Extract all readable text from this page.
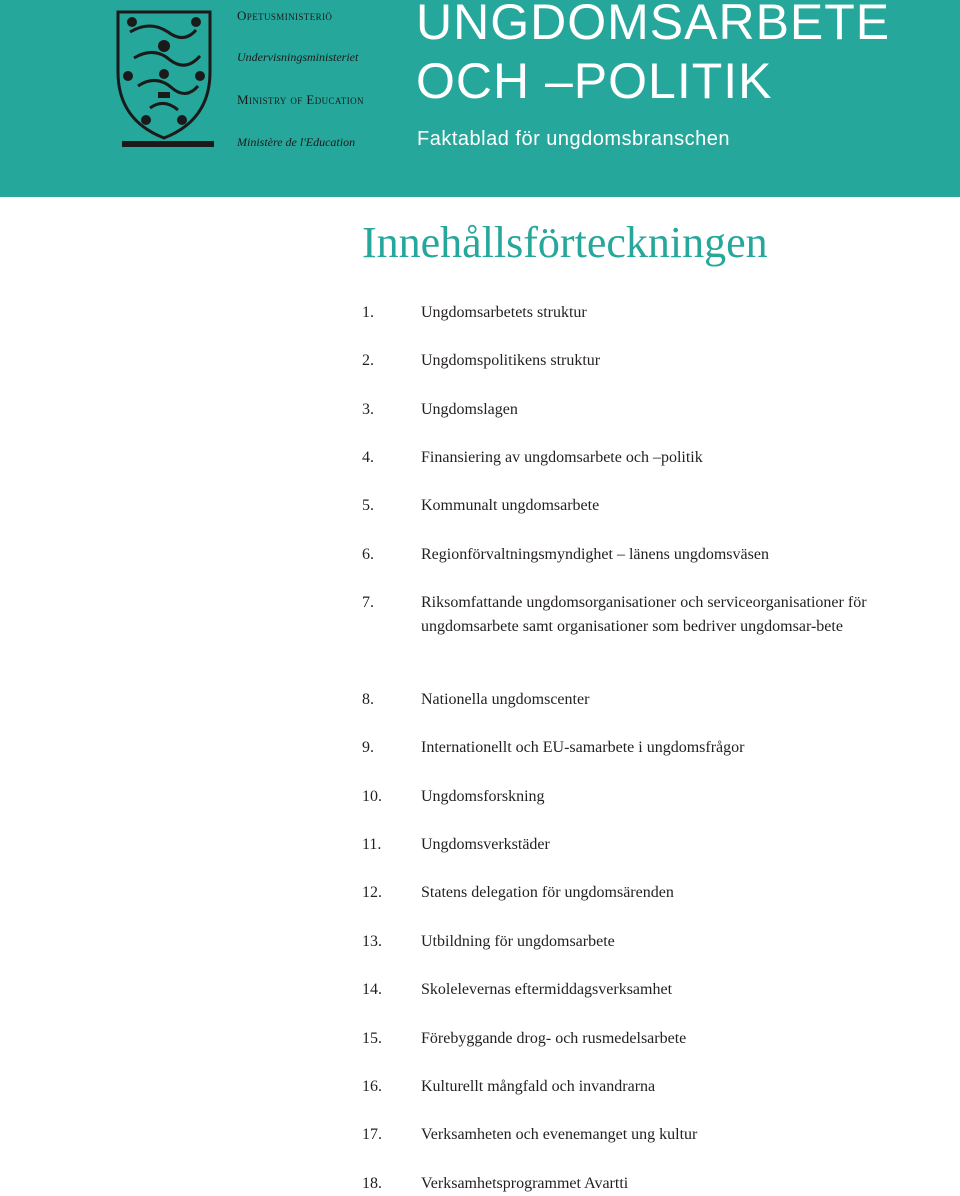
Opetusministeriö
Undervisningsministeriet
Ministry of Education
Ministère de l'Education
UNGDOMSARBETE
OCH –POLITIK
Faktablad för ungdomsbranschen
Innehållsförteckningen
1.	Ungdomsarbetets struktur
2.	Ungdomspolitikens struktur
3.	Ungdomslagen
4.	Finansiering av ungdomsarbete och –politik
5.	Kommunalt ungdomsarbete
6.	Regionförvaltningsmyndighet – länens ungdomsväsen
7.	Riksomfattande ungdomsorganisationer och serviceorganisationer för ungdomsarbete samt organisationer som bedriver ungdomsar-bete
8.	Nationella ungdomscenter
9.	Internationellt och EU-samarbete i ungdomsfrågor
10.	Ungdomsforskning
11.	Ungdomsverkstäder
12.	Statens delegation för ungdomsärenden
13.	Utbildning för ungdomsarbete
14.	Skolelevernas eftermiddagsverksamhet
15.	Förebyggande drog- och rusmedelsarbete
16.	Kulturellt mångfald och invandrarna
17.	Verksamheten och evenemanget ung kultur
18.	Verksamhetsprogrammet Avartti
